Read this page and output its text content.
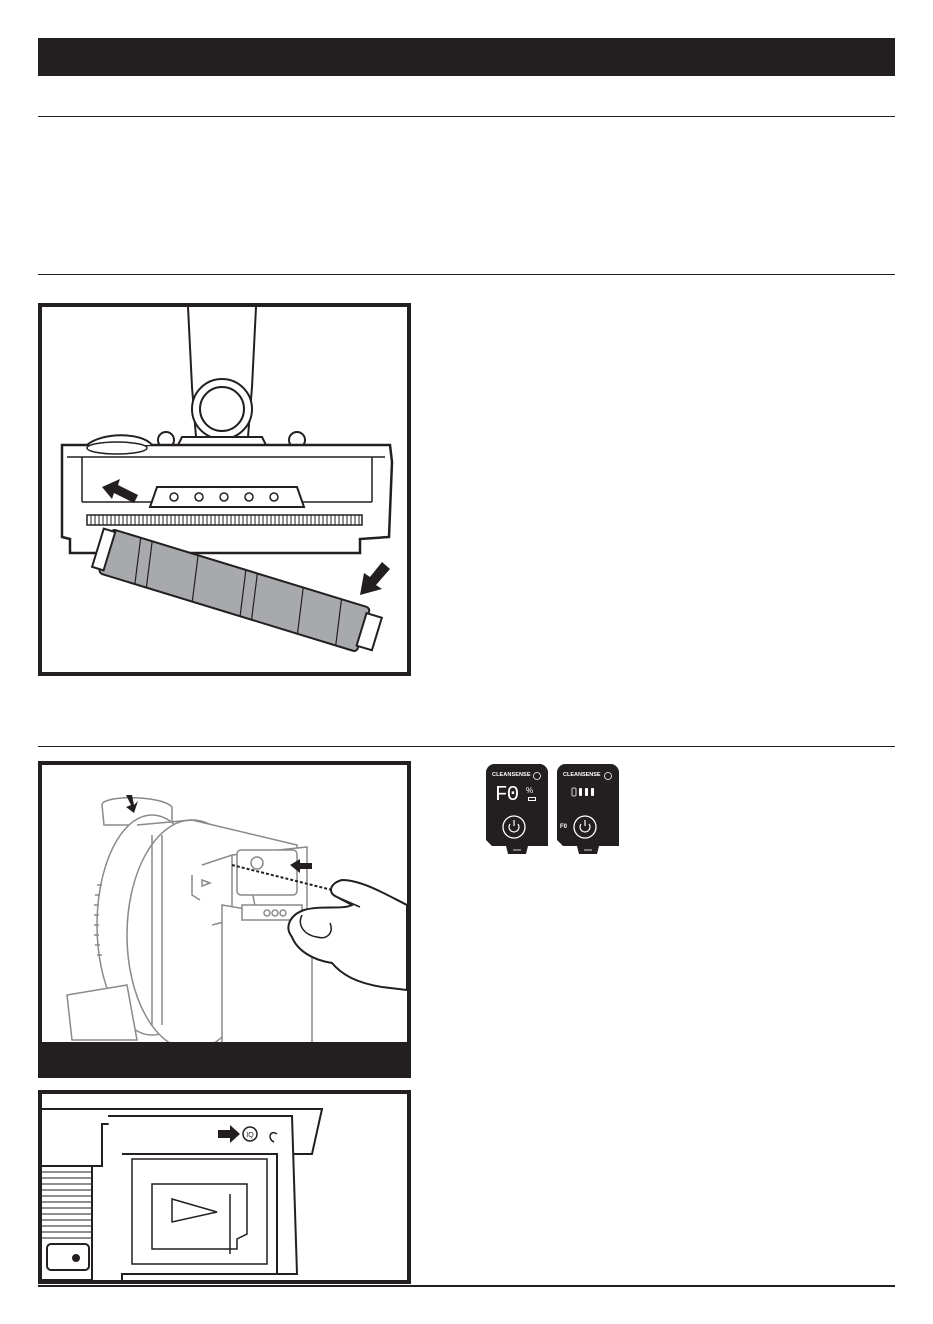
IQ
CLEANSENSE
F0 %
CLEANSENSE
F0
